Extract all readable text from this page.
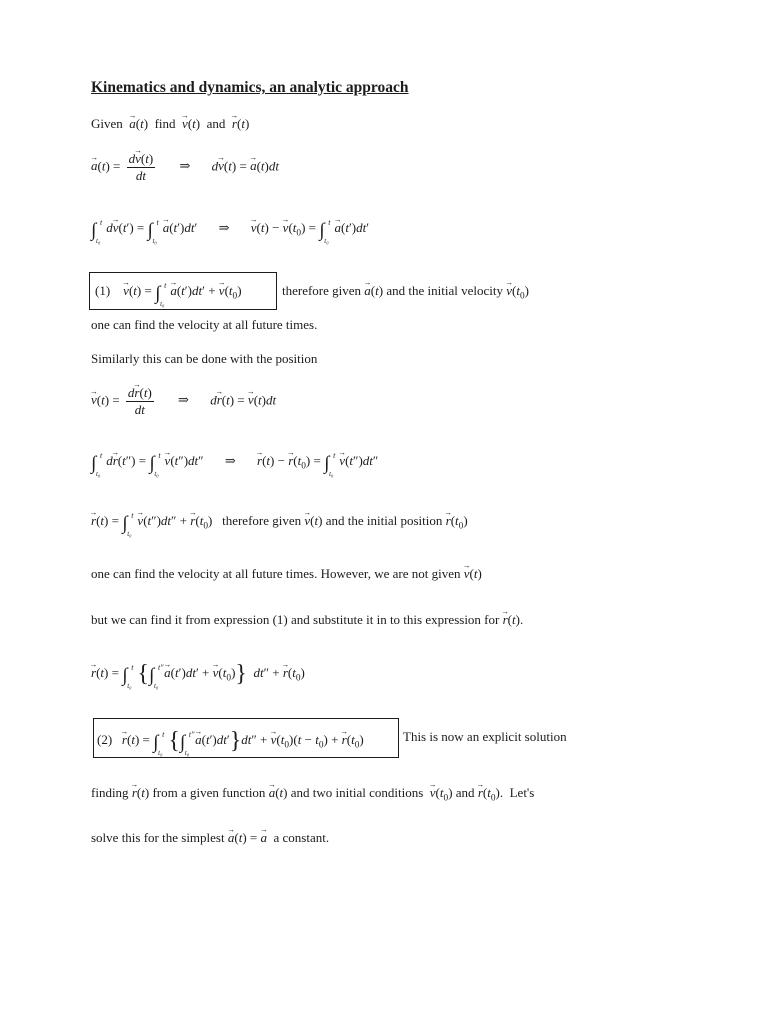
Kinematics and dynamics, an analytic approach
Given → a(t)  find → v(t)  and → r(t)
→ $a(t) = \frac{d\to v(t)}{dt}$ ⇒ d→ v(t) = → a(t)dt
∫ t
t₀
d→ v(t′) = ∫ t
t₀
→ a(t′)dt′ ⇒ → v(t) − → $v(t_0)$ = ∫ t
t₀
→ a(t′)dt′
(1) → v(t) = ∫ t
t₀
→ a(t′)dt′ + → $v(t_0)$	therefore given → a(t) and the initial velocity → $v(t_0)$
one can find the velocity at all future times.
Similarly this can be done with the position
→ $v(t) = \frac{d\to r(t)}{dt}$ ⇒ d→ r(t) = → v(t)dt
∫ t
t₀
d→ r(t″) = ∫ t
t₀
→ v(t″)dt″ ⇒ → r(t) − → $r(t_0)$ = ∫ t
t₀
→ v(t″)dt″
→ r(t) = ∫ t
t₀
→ v(t″)dt″ + → $r(t_0)$   therefore given → v(t) and the initial position → $r(t_0)$
one can find the velocity at all future times. However, we are not given → v(t)
but we can find it from expression (1) and substitute it in to this expression for → r(t).
→ r(t) = ∫ t
t₀ {∫ t″
t₀
→ a(t′)dt′ + → $v(t_0)$} dt″ + → $r(t_0)$
(2) → r(t) = ∫ t
t₀ {∫ t″
t₀
→ a(t′)dt′}dt″ + → $v(t_0)(t - t_0)$ + → $r(t_0)$	This is now an explicit solution
finding → r(t) from a given function → a(t) and two initial conditions → $v(t_0)$ and → $r(t_0)$.  Let's
solve this for the simplest → a(t) = → a a constant.
